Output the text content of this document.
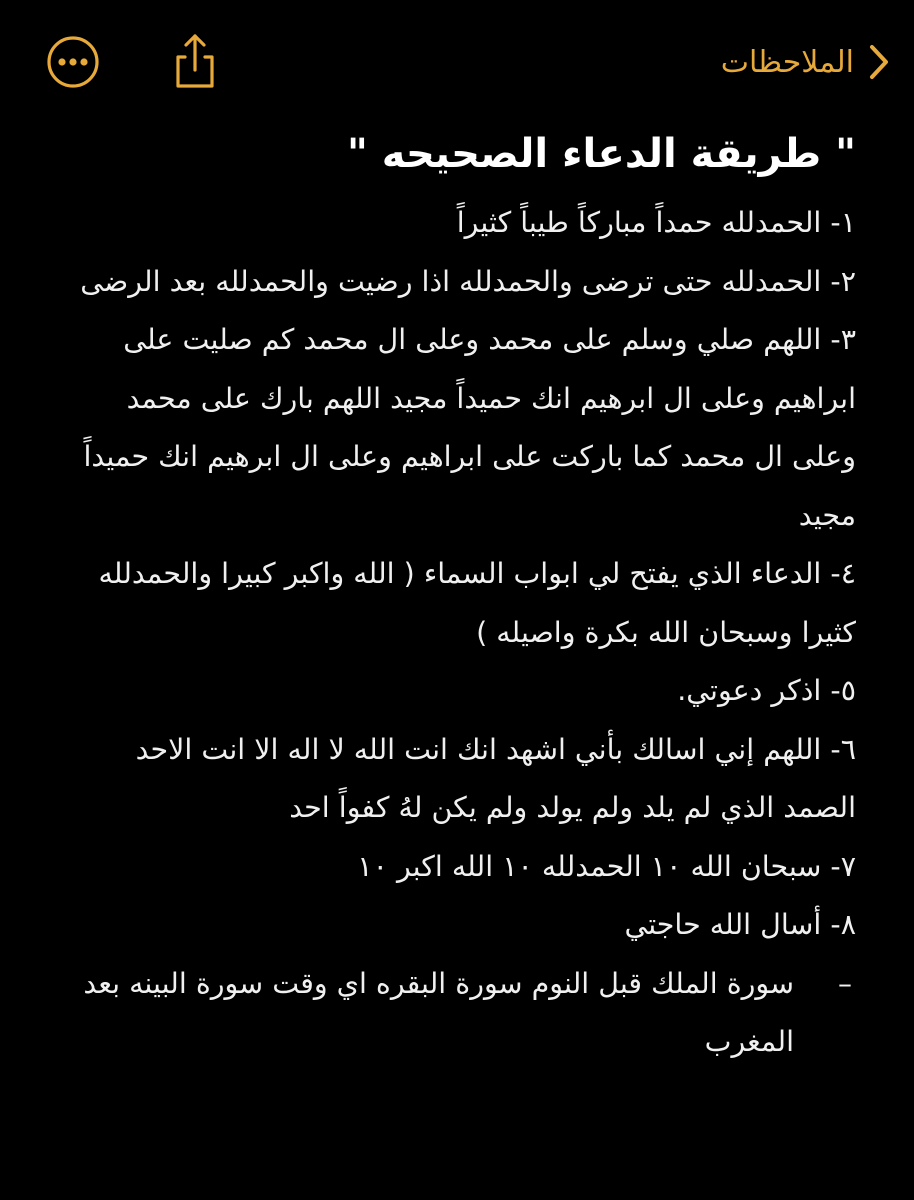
الملاحظات

" طريقة الدعاء الصحيحه "

١- الحمدلله حمداً مباركاً طيباً كثيراً

٢- الحمدلله حتى ترضى والحمدلله اذا رضيت والحمدلله بعد الرضى

٣- اللهم صلي وسلم على محمد وعلى ال محمد كم صليت على ابراهيم وعلى ال ابرهيم انك حميداً مجيد اللهم بارك على محمد وعلى ال محمد كما باركت على ابراهيم وعلى ال ابرهيم انك حميداً مجيد

٤- الدعاء الذي يفتح لي ابواب السماء ( الله واكبر كبيرا والحمدلله كثيرا وسبحان الله بكرة واصيله )

٥- اذكر دعوتي.

٦- اللهم إني اسالك بأني اشهد انك انت الله لا اله الا انت الاحد الصمد الذي لم يلد ولم يولد ولم يكن لهُ كفواً احد

٧- سبحان الله ١٠ الحمدلله ١٠ الله اكبر ١٠

٨- أسال الله حاجتي

–
سورة الملك قبل النوم سورة البقره اي وقت سورة البينه بعد المغرب
